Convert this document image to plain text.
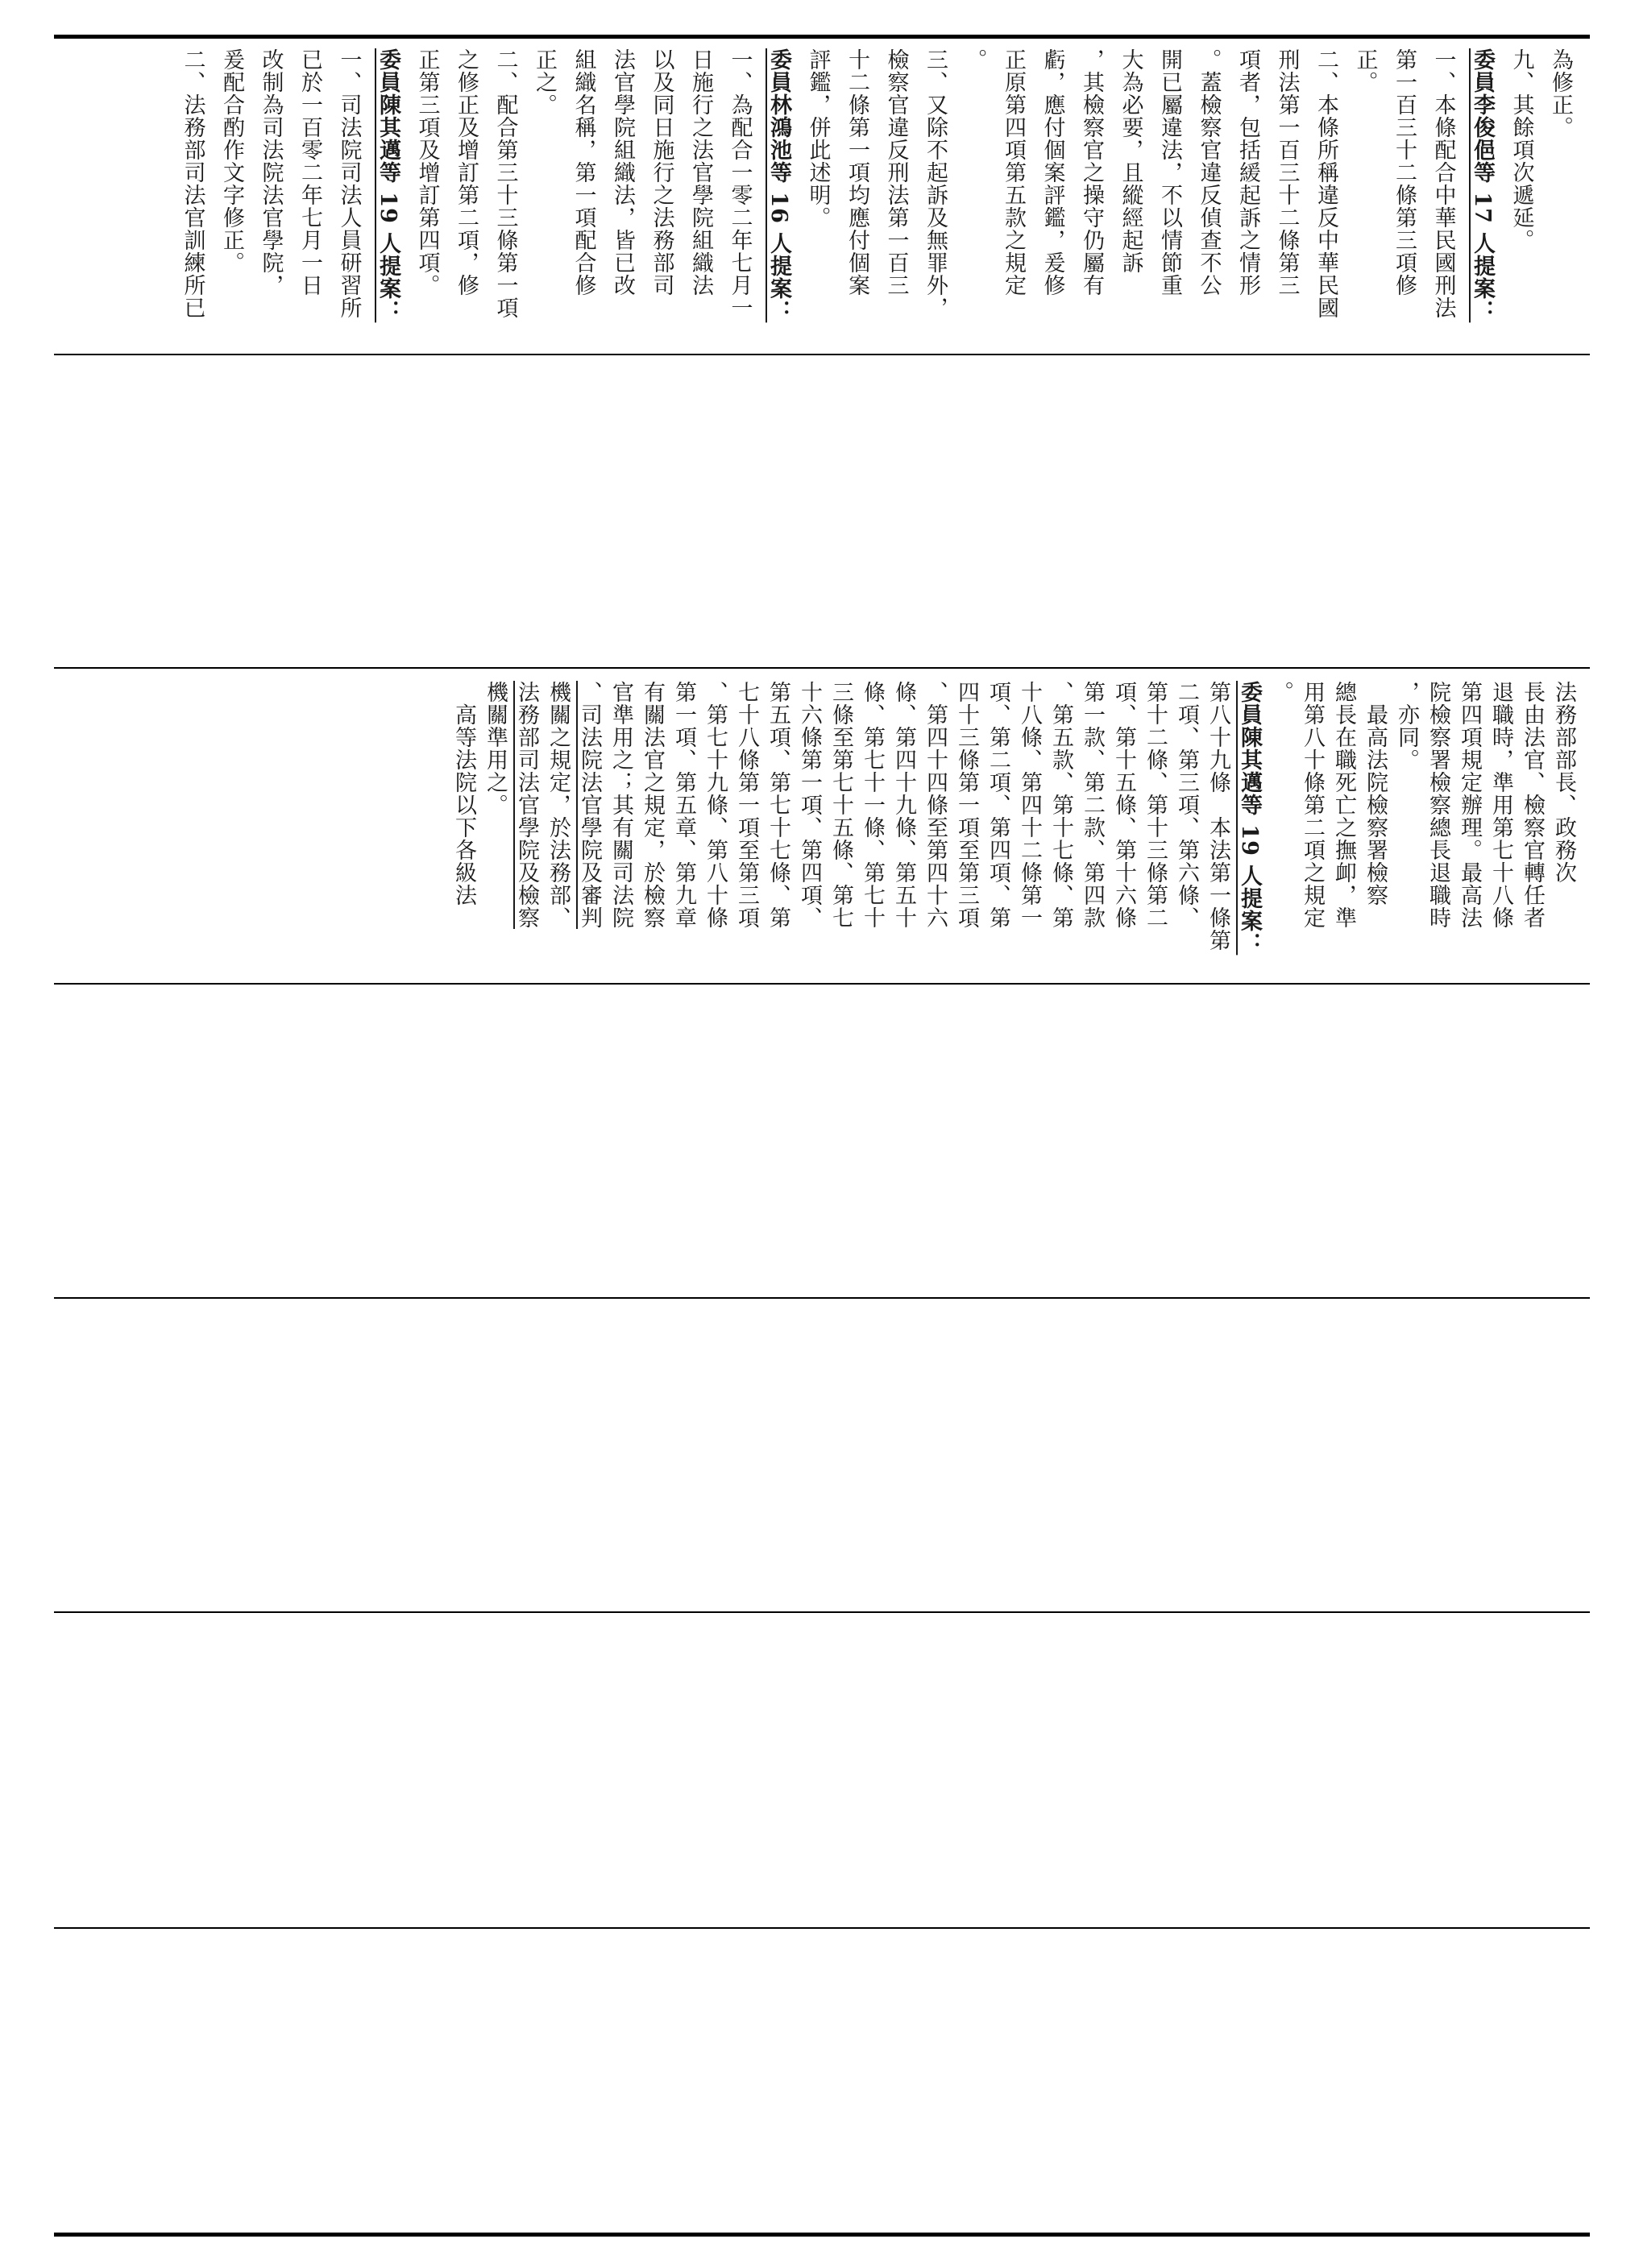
為修正。
九、其餘項次遞延。
委員李俊俋等 17 人提案：
一、本條配合中華民國刑法
第一百三十二條第三項修
正。
二、本條所稱違反中華民國
刑法第一百三十二條第三
項者，包括緩起訴之情形
。蓋檢察官違反偵查不公
開已屬違法，不以情節重
大為必要，且縱經起訴
，其檢察官之操守仍屬有
虧，應付個案評鑑，爰修
正原第四項第五款之規定
。
三、又除不起訴及無罪外，
檢察官違反刑法第一百三
十二條第一項均應付個案
評鑑，併此述明。
委員林鴻池等 16 人提案：
一、為配合一零二年七月一
日施行之法官學院組織法
以及同日施行之法務部司
法官學院組織法，皆已改
組織名稱，第一項配合修
正之。
二、配合第三十三條第一項
之修正及增訂第二項，修
正第三項及增訂第四項。
委員陳其邁等 19 人提案：
一、司法院司法人員研習所
已於一百零二年七月一日
改制為司法院法官學院，
爰配合酌作文字修正。
二、法務部司法官訓練所已
法務部部長、政務次
長由法官、檢察官轉任者
退職時，準用第七十八條
第四項規定辦理。最高法
院檢察署檢察總長退職時
，亦同。
　最高法院檢察署檢察
總長在職死亡之撫卹，準
用第八十條第二項之規定
。
委員陳其邁等 19 人提案：
第八十九條　本法第一條第
二項、第三項、第六條、
第十二條、第十三條第二
項、第十五條、第十六條
第一款、第二款、第四款
、第五款、第十七條、第
十八條、第四十二條第一
項、第二項、第四項、第
四十三條第一項至第三項
、第四十四條至第四十六
條、第四十九條、第五十
條、第七十一條、第七十
三條至第七十五條、第七
十六條第一項、第四項、
第五項、第七十七條、第
七十八條第一項至第三項
、第七十九條、第八十條
第一項、第五章、第九章
有關法官之規定，於檢察
官準用之；其有關司法院
、司法院法官學院及審判
機關之規定，於法務部、
法務部司法官學院及檢察
機關準用之。
　高等法院以下各級法
